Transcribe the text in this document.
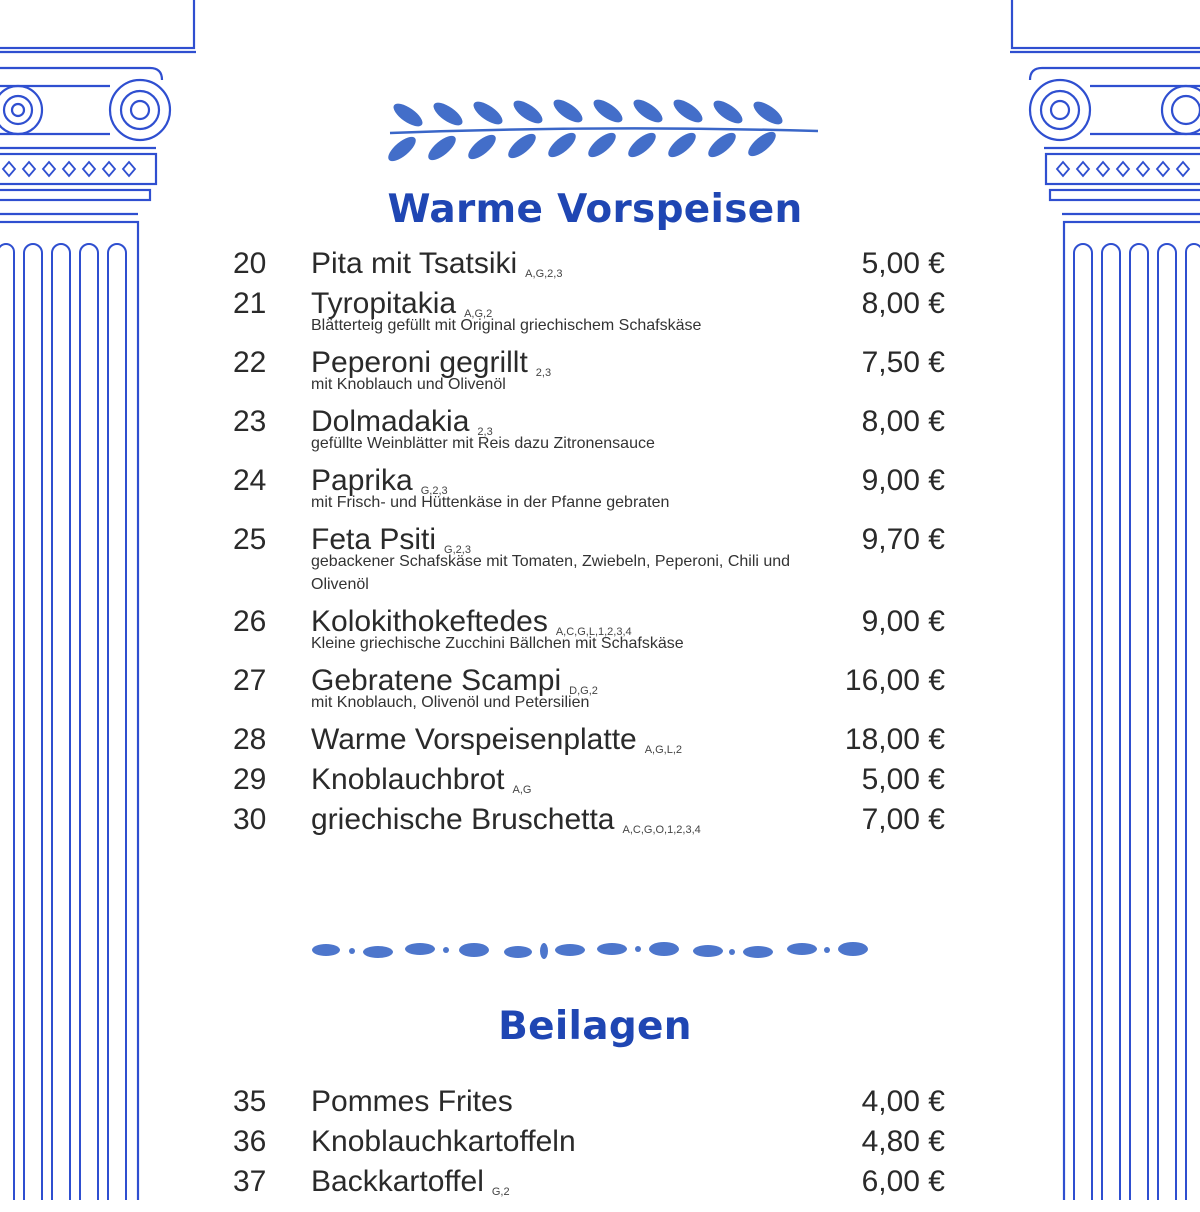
Warme Vorspeisen
20 Pita mit Tsatsiki A,G,2,3	5,00 €
21 Tyropitakia A,G,2	8,00 €
Blätterteig gefüllt mit Original griechischem Schafskäse
22 Peperoni gegrillt 2,3	7,50 €
mit Knoblauch und Olivenöl
23 Dolmadakia 2,3	8,00 €
gefüllte Weinblätter mit Reis dazu Zitronensauce
24 Paprika G,2,3	9,00 €
mit Frisch- und Hüttenkäse in der Pfanne gebraten
25 Feta Psiti G,2,3	9,70 €
gebackener Schafskäse mit Tomaten, Zwiebeln, Peperoni, Chili und Olivenöl
26 Kolokithokeftedes A,C,G,L,1,2,3,4	9,00 €
Kleine griechische Zucchini Bällchen mit Schafskäse
27 Gebratene Scampi D,G,2	16,00 €
mit Knoblauch, Olivenöl und Petersilien
28 Warme Vorspeisenplatte A,G,L,2	18,00 €
29 Knoblauchbrot A,G	5,00 €
30 griechische Bruschetta A,C,G,O,1,2,3,4	7,00 €
Beilagen
35 Pommes Frites	4,00 €
36 Knoblauchkartoffeln	4,80 €
37 Backkartoffel G,2	6,00 €
